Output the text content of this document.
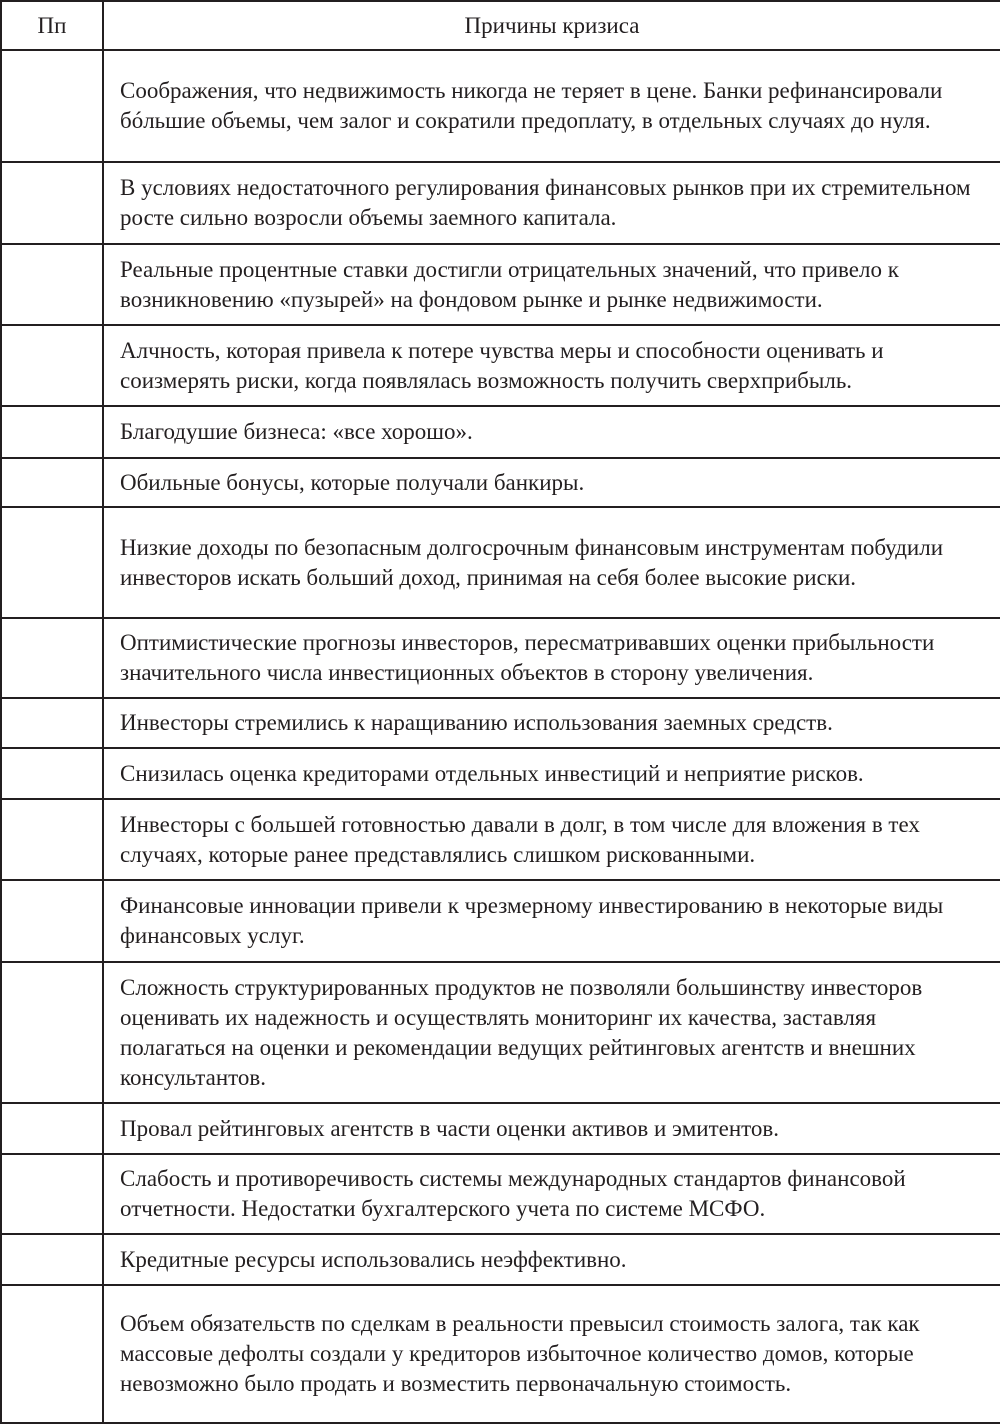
Пп	Причины кризиса
	Соображения, что недвижимость никогда не теряет в цене. Банки рефинансировали бóльшие объемы, чем залог и сократили предоплату, в отдельных случаях до нуля.
	В условиях недостаточного регулирования финансовых рынков при их стремительном росте сильно возросли объемы заемного капитала.
	Реальные процентные ставки достигли отрицательных значений, что привело к возникновению «пузырей» на фондовом рынке и рынке недвижимости.
	Алчность, которая привела к потере чувства меры и способности оценивать и соизмерять риски, когда появлялась возможность получить сверхприбыль.
	Благодушие бизнеса: «все хорошо».
	Обильные бонусы, которые получали банкиры.
	Низкие доходы по безопасным долгосрочным финансовым инструментам побудили инвесторов искать больший доход, принимая на себя более высокие риски.
	Оптимистические прогнозы инвесторов, пересматривавших оценки прибыльности значительного числа инвестиционных объектов в сторону увеличения.
	Инвесторы стремились к наращиванию использования заемных средств.
	Снизилась оценка кредиторами отдельных инвестиций и неприятие рисков.
	Инвесторы с большей готовностью давали в долг, в том числе для вложения в тех случаях, которые ранее представлялись слишком рискованными.
	Финансовые инновации привели к чрезмерному инвестированию в некоторые виды финансовых услуг.
	Сложность структурированных продуктов не позволяли большинству инвесторов оценивать их надежность и осуществлять мониторинг их качества, заставляя полагаться на оценки и рекомендации ведущих рейтинговых агентств и внешних консультантов.
	Провал рейтинговых агентств в части оценки активов и эмитентов.
	Слабость и противоречивость системы международных стандартов финансовой отчетности. Недостатки бухгалтерского учета по системе МСФО.
	Кредитные ресурсы использовались неэффективно.
	Объем обязательств по сделкам в реальности превысил стоимость залога, так как массовые дефолты создали у кредиторов избыточное количество домов, которые невозможно было продать и возместить первоначальную стоимость.
